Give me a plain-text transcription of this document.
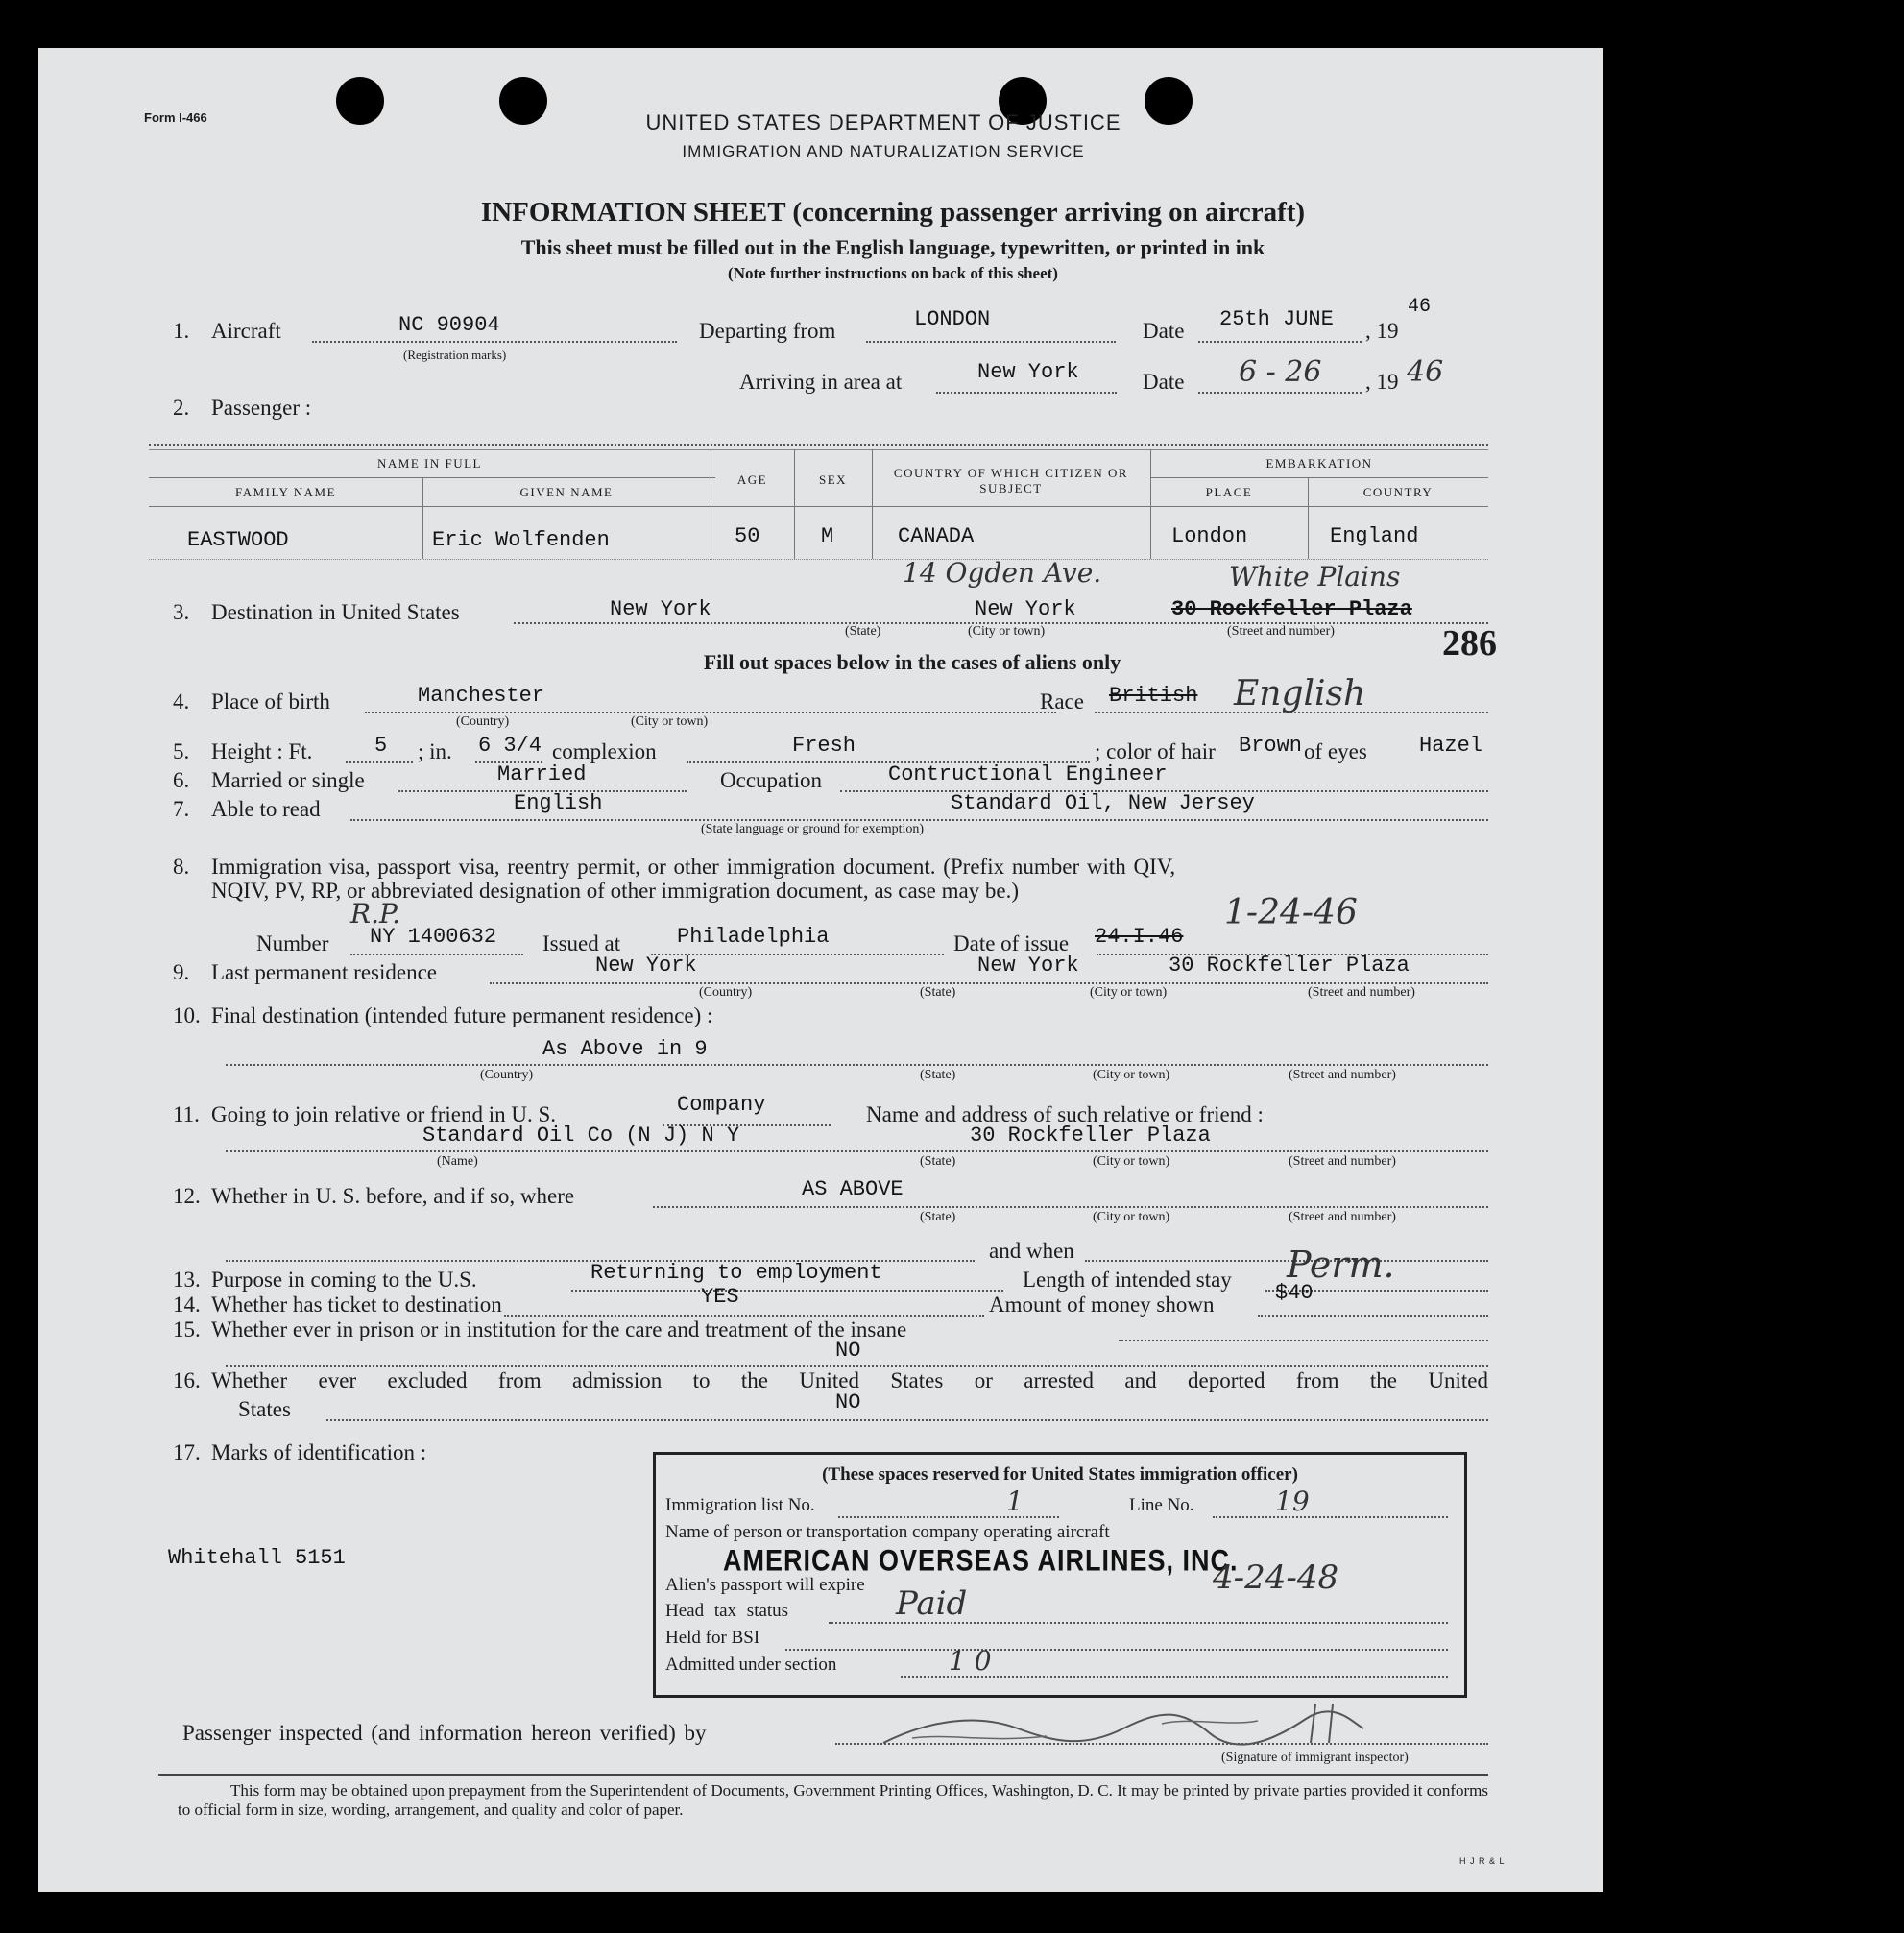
Form I-466	UNITED STATES DEPARTMENT OF JUSTICE
IMMIGRATION AND NATURALIZATION SERVICE
INFORMATION SHEET (concerning passenger arriving on aircraft)
This sheet must be filled out in the English language, typewritten, or printed in ink
(Note further instructions on back of this sheet)
1. Aircraft	NC 90904
(Registration marks)
Departing from	LONDON	Date 25th JUNE , 19
46
Arriving in area at	New York	Date 6 - 26 , 19 46
2. Passenger :
NAME IN FULL
FAMILY NAME	GIVEN NAME
AGE	SEX	COUNTRY OF WHICH CITIZEN OR SUBJECT
EMBARKATION
PLACE	COUNTRY
EASTWOOD	Eric Wolfenden	50	M	CANADA	London	England
14 Ogden Ave.	White Plains
3. Destination in United States	New York	New York	30 Rockfeller Plaza
(State)	(City or town)	(Street and number)	286
Fill out spaces below in the cases of aliens only
4. Place of birth	Manchester
(Country)	(City or town)
Race British English
5. Height : Ft.	5 ; in. 6 3/4 complexion	Fresh	; color of hair Brown of eyes Hazel
6. Married or single	Married	Occupation	Contructional Engineer
7. Able to read	English	Standard Oil, New Jersey
(State language or ground for exemption)
8. Immigration visa, passport visa, reentry permit, or other immigration document. (Prefix number with QIV,
NQIV, PV, RP, or abbreviated designation of other immigration document, as case may be.)
R.P.	1-24-46
Number NY 1400632 Issued at	Philadelphia	Date of issue 24.I.46
9. Last permanent residence	New York	New York	30 Rockfeller Plaza
(Country)	(State)	(City or town)	(Street and number)
10. Final destination (intended future permanent residence) :
As Above in 9
(Country)	(State)	(City or town)	(Street and number)
11. Going to join relative or friend in U. S.	Company	Name and address of such relative or friend :
Standard Oil Co (N J) N Y	30 Rockfeller Plaza
(Name)	(State)	(City or town)	(Street and number)
12. Whether in U. S. before, and if so, where	AS ABOVE
(State)	(City or town)	(Street and number)
and when
13. Purpose in coming to the U.S.	Returning to employment	Length of intended stay Perm.
14. Whether has ticket to destination	YES	Amount of money shown	$40
15. Whether ever in prison or in institution for the care and treatment of the insane
NO
16. Whether ever excluded from admission to the United States or arrested and deported from the United
States	NO
17. Marks of identification :
Whitehall 5151
(These spaces reserved for United States immigration officer)
Immigration list No.	1	Line No.	19
Name of person or transportation company operating aircraft
AMERICAN OVERSEAS AIRLINES, INC.
Alien's passport will expire	4-24-48
Head tax status	Paid
Held for BSI
Admitted under section	1 0
Passenger inspected (and information hereon verified) by
(Signature of immigrant inspector)
This form may be obtained upon prepayment from the Superintendent of Documents, Government Printing Offices, Washington, D. C. It may be printed by private parties provided it conforms to official form in size, wording, arrangement, and quality and color of paper.
H J R & L
